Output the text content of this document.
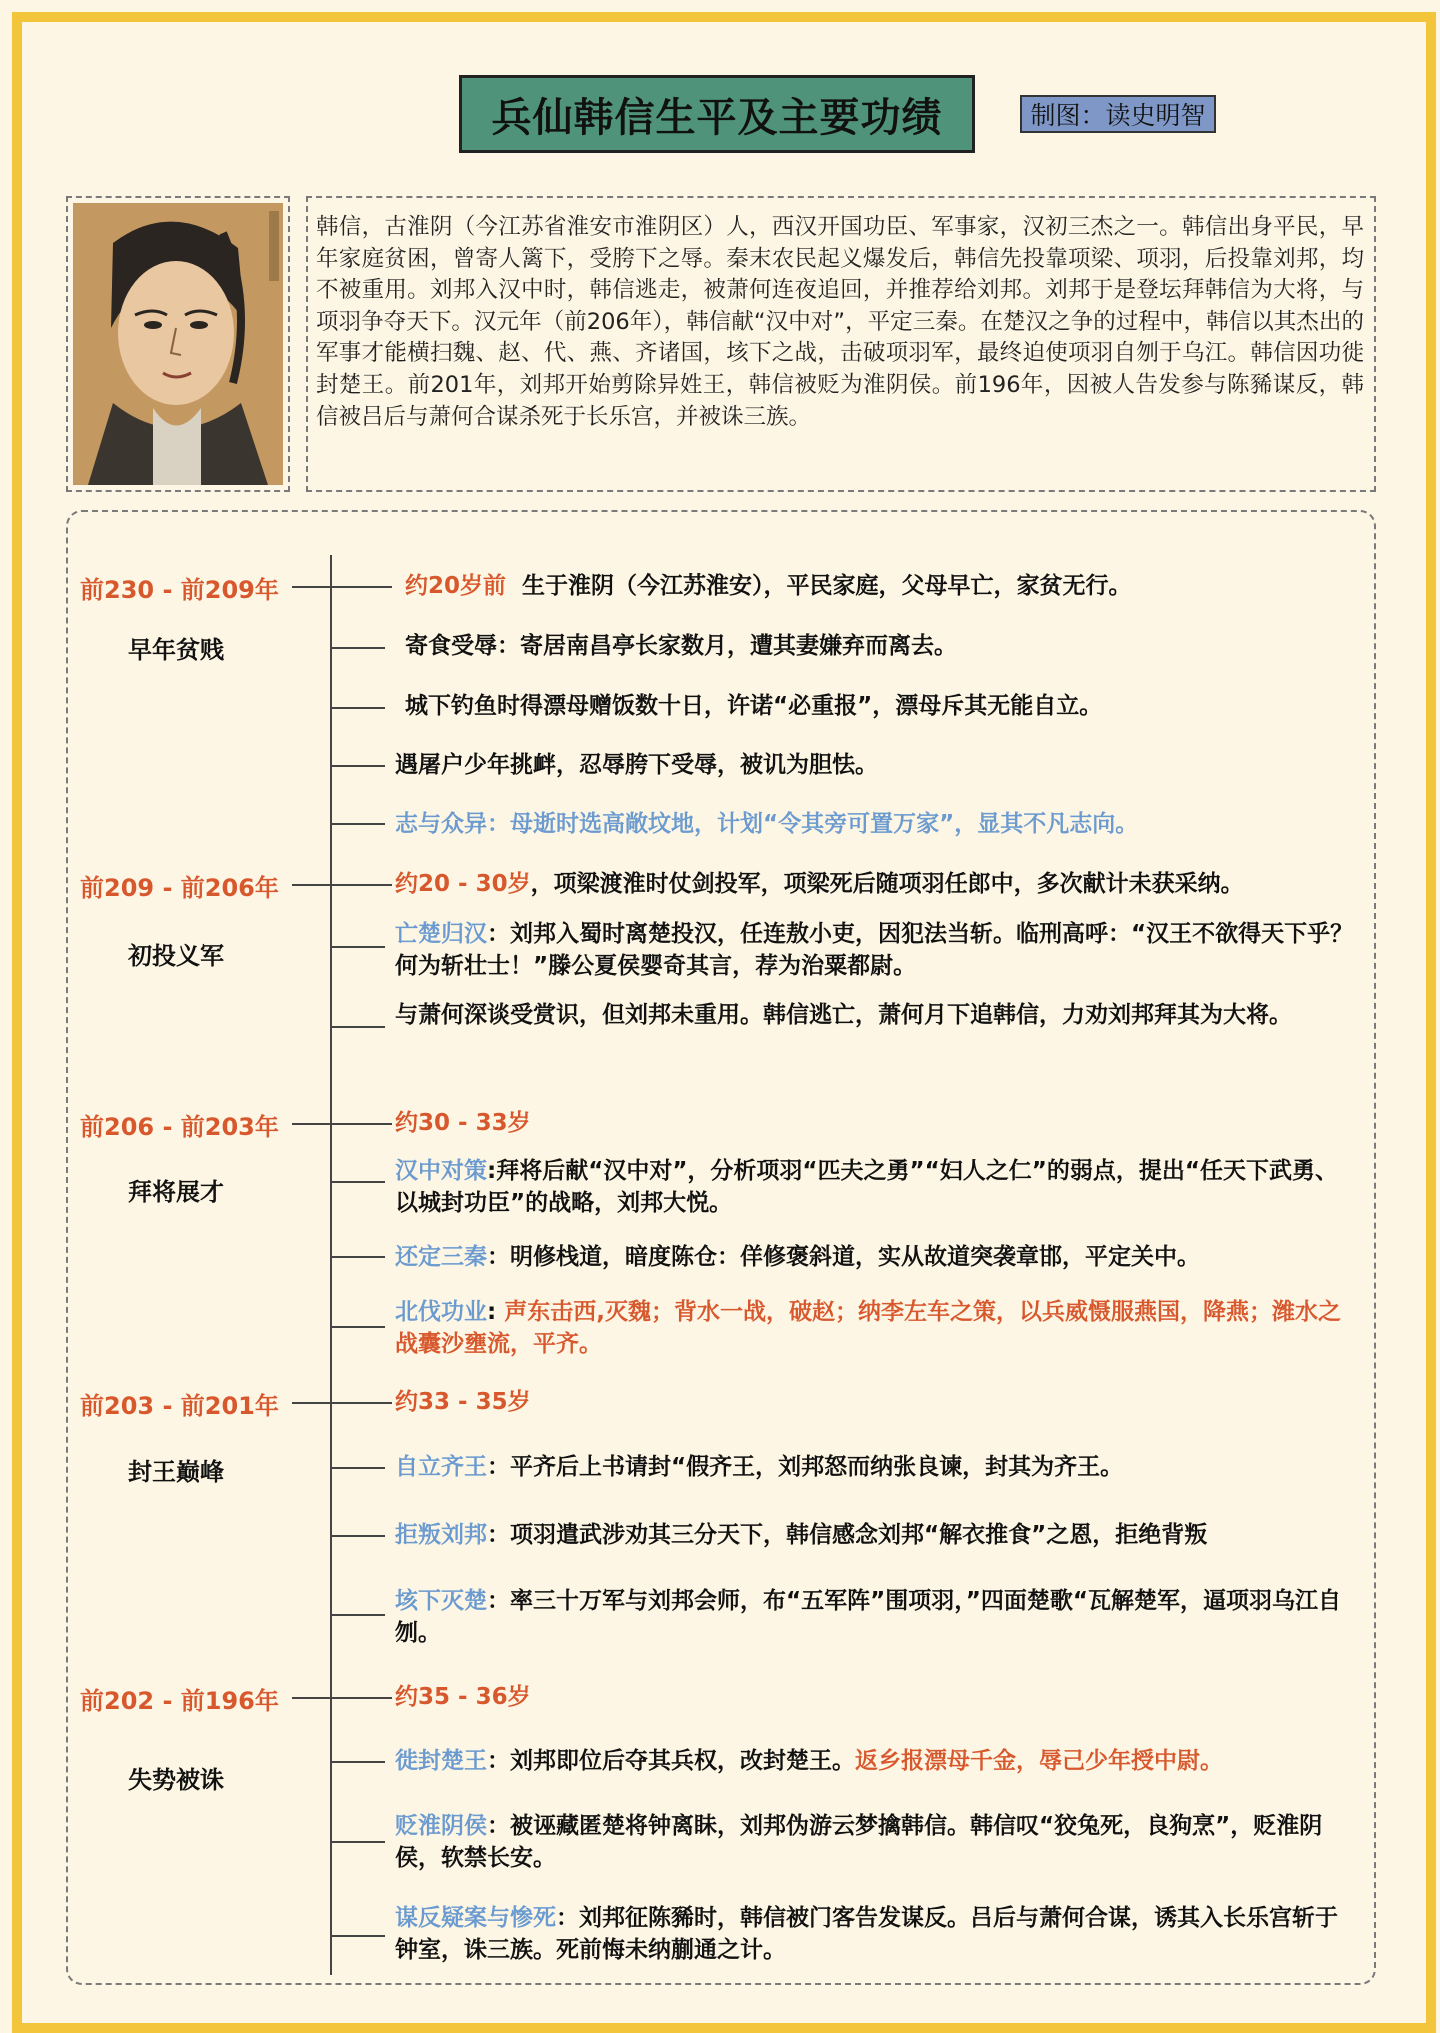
兵仙韩信生平及主要功绩	制图：读史明智
韩信，古淮阴（今江苏省淮安市淮阴区）人，西汉开国功臣、军事家，汉初三杰之一。韩信出身平民，早年家庭贫困，曾寄人篱下，受胯下之辱。秦末农民起义爆发后，韩信先投靠项梁、项羽，后投靠刘邦，均不被重用。刘邦入汉中时，韩信逃走，被萧何连夜追回，并推荐给刘邦。刘邦于是登坛拜韩信为大将，与项羽争夺天下。汉元年（前206年），韩信献“汉中对”，平定三秦。在楚汉之争的过程中，韩信以其杰出的军事才能横扫魏、赵、代、燕、齐诸国，垓下之战，击破项羽军，最终迫使项羽自刎于乌江。韩信因功徙封楚王。前201年，刘邦开始剪除异姓王，韩信被贬为淮阴侯。前196年，因被人告发参与陈豨谋反，韩信被吕后与萧何合谋杀死于长乐宫，并被诛三族。
前230 - 前209年
早年贫贱
前209 - 前206年
初投义军
前206 - 前203年
拜将展才
前203 - 前201年
封王巅峰
前202 - 前196年
失势被诛
约20岁前 生于淮阴（今江苏淮安），平民家庭，父母早亡，家贫无行。
寄食受辱：寄居南昌亭长家数月，遭其妻嫌弃而离去。
城下钓鱼时得漂母赠饭数十日，许诺“必重报”，漂母斥其无能自立。
遇屠户少年挑衅，忍辱胯下受辱，被讥为胆怯。
志与众异：母逝时选高敞坟地，计划“令其旁可置万家”，显其不凡志向。
约20 - 30岁，项梁渡淮时仗剑投军，项梁死后随项羽任郎中，多次献计未获采纳。
亡楚归汉：刘邦入蜀时离楚投汉，任连敖小吏，因犯法当斩。临刑高呼：“汉王不欲得天下乎？何为斩壮士！”滕公夏侯婴奇其言，荐为治粟都尉。
与萧何深谈受赏识，但刘邦未重用。韩信逃亡，萧何月下追韩信，力劝刘邦拜其为大将。
约30 - 33岁
汉中对策:拜将后献“汉中对”，分析项羽“匹夫之勇”“妇人之仁”的弱点，提出“任天下武勇、以城封功臣”的战略，刘邦大悦。
还定三秦：明修栈道，暗度陈仓：佯修褒斜道，实从故道突袭章邯，平定关中。
北伐功业: 声东击西,灭魏；背水一战，破赵；纳李左车之策，以兵威慑服燕国，降燕；潍水之战囊沙壅流，平齐。
约33 - 35岁
自立齐王：平齐后上书请封“假齐王，刘邦怒而纳张良谏，封其为齐王。
拒叛刘邦：项羽遣武涉劝其三分天下，韩信感念刘邦“解衣推食”之恩，拒绝背叛
垓下灭楚：率三十万军与刘邦会师，布“五军阵”围项羽，”四面楚歌“瓦解楚军，逼项羽乌江自刎。
约35 - 36岁
徙封楚王：刘邦即位后夺其兵权，改封楚王。返乡报漂母千金，辱己少年授中尉。
贬淮阴侯：被诬藏匿楚将钟离眛，刘邦伪游云梦擒韩信。韩信叹“狡兔死，良狗烹”，贬淮阴侯，软禁长安。
谋反疑案与惨死：刘邦征陈豨时，韩信被门客告发谋反。吕后与萧何合谋，诱其入长乐宫斩于钟室，诛三族。死前悔未纳蒯通之计。
